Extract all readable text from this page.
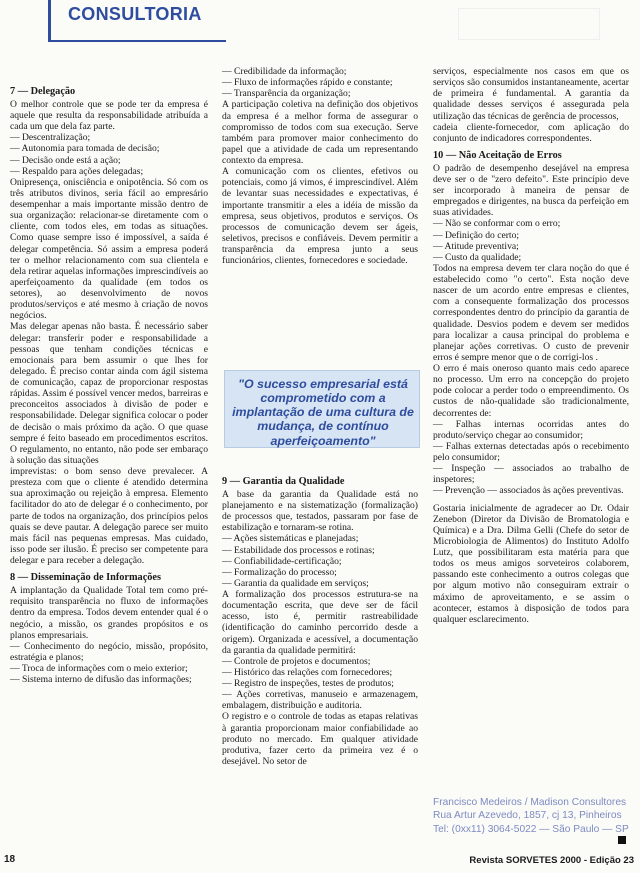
CONSULTORIA
7 — Delegação

O melhor controle que se pode ter da empresa é aquele que resulta da responsabilidade atribuída a cada um que dela faz parte.

— Descentralização;
— Autonomia para tomada de decisão;
— Decisão onde está a ação;
— Respaldo para ações delegadas;

Onipresença, onisciência e onipotência. Só com os três atributos divinos, seria fácil ao empresário desempenhar a mais importante missão dentro de sua organização: relacionar-se diretamente com o cliente, com todos eles, em todas as situações. Como quase sempre isso é impossível, a saída é delegar competência. Só assim a empresa poderá ter o melhor relacionamento com sua clientela e dela retirar aquelas informações imprescindíveis ao aperfeiçoamento da qualidade (em todos os setores), ao desenvolvimento de novos produtos/serviços e até mesmo à criação de novos negócios.

Mas delegar apenas não basta. É necessário saber delegar: transferir poder e responsabilidade a pessoas que tenham condições técnicas e emocionais para bem assumir o que lhes for delegado. É preciso contar ainda com ágil sistema de comunicação, capaz de proporcionar respostas rápidas. Assim é possível vencer medos, barreiras e preconceitos associados à divisão de poder e responsabilidade. Delegar significa colocar o poder de decisão o mais próximo da ação. O que quase sempre é feito baseado em procedimentos escritos. O regulamento, no entanto, não pode ser embaraço à solução das situações

imprevistas: o bom senso deve prevalecer. A presteza com que o cliente é atendido determina sua aproximação ou rejeição à empresa. Elemento facilitador do ato de delegar é o conhecimento, por parte de todos na organização, dos princípios pelos quais se deve pautar. A delegação parece ser muito mais fácil nas pequenas empresas. Mas cuidado, isso pode ser ilusão. É preciso ser competente para delegar e para receber a delegação.

8 — Disseminação de Informações

A implantação da Qualidade Total tem como pré-requisito transparência no fluxo de informações dentro da empresa. Todos devem entender qual é o negócio, a missão, os grandes propósitos e os planos empresariais.

— Conhecimento do negócio, missão, propósito, estratégia e planos;
— Troca de informações com o meio exterior;
— Sistema interno de difusão das informações;
— Credibilidade da informação;
— Fluxo de informações rápido e constante;
— Transparência da organização;

A participação coletiva na definição dos objetivos da empresa é a melhor forma de assegurar o compromisso de todos com sua execução. Serve também para promover maior conhecimento do papel que a atividade de cada um representando contexto da empresa.

A comunicação com os clientes, efetivos ou potenciais, como já vimos, é imprescindível. Além de levantar suas necessidades e expectativas, é importante transmitir a eles a idéia de missão da empresa, seus objetivos, produtos e serviços. Os processos de comunicação devem ser ágeis, seletivos, precisos e confiáveis. Devem permitir a transparência da empresa junto a seus funcionários, clientes, fornecedores e sociedade.

"O sucesso empresarial está comprometido com a implantação de uma cultura de mudança, de contínuo aperfeiçoamento"
9 — Garantia da Qualidade

A base da garantia da Qualidade está no planejamento e na sistematização (formalização) de processos que, testados, passaram por fase de estabilização e tornaram-se rotina.

— Ações sistemáticas e planejadas;
— Estabilidade dos processos e rotinas;
— Confiabilidade-certificação;
— Formalização do processo;
— Garantia da qualidade em serviços;

A formalização dos processos estrutura-se na documentação escrita, que deve ser de fácil acesso, isto é, permitir rastreabilidade (identificação do caminho percorrido desde a origem). Organizada e acessível, a documentação da garantia da qualidade permitirá:

— Controle de projetos e documentos;
— Histórico das relações com fornecedores;
— Registro de inspeções, testes de produtos;
— Ações corretivas, manuseio e armazenagem, embalagem, distribuição e auditoria.

O registro e o controle de todas as etapas relativas à garantia proporcionam maior confiabilidade ao produto no mercado. Em qualquer atividade produtiva, fazer certo da primeira vez é o desejável. No setor de

serviços, especialmente nos casos em que os serviços são consumidos instantaneamente, acertar de primeira é fundamental. A garantia da qualidade desses serviços é assegurada pela utilização das técnicas de gerência de processos,

cadeia cliente-fornecedor, com aplicação do conjunto de indicadores correspondentes.

10 — Não Aceitação de Erros

O padrão de desempenho desejável na empresa deve ser o de "zero defeito". Este princípio deve ser incorporado à maneira de pensar de empregados e dirigentes, na busca da perfeição em suas atividades.

— Não se conformar com o erro;
— Definição do certo;
— Atitude preventiva;
— Custo da qualidade;

Todos na empresa devem ter clara noção do que é estabelecido como "o certo". Esta noção deve nascer de um acordo entre empresas e clientes, com a consequente formalização dos processos correspondentes dentro do princípio da garantia de qualidade. Desvios podem e devem ser medidos para localizar a causa principal do problema e planejar ações corretivas. O custo de prevenir erros é sempre menor que o de corrigi-los .

O erro é mais oneroso quanto mais cedo aparece no processo. Um erro na concepção do projeto pode colocar a perder todo o empreendimento. Os custos de não-qualidade são tradicionalmente, decorrentes de:

— Falhas internas ocorridas antes do produto/serviço chegar ao consumidor;
— Falhas externas detectadas após o recebimento pelo consumidor;
— Inspeção — associados ao trabalho de inspetores;
— Prevenção — associados às ações preventivas.

Gostaria inicialmente de agradecer ao Dr. Odair Zenebon (Diretor da Divisão de Bromatologia e Química) e a Dra. Dilma Gelli (Chefe do setor de Microbiologia de Alimentos) do Instituto Adolfo Lutz, que possibilitaram esta matéria para que todos os meus amigos sorveteiros colaborem, passando este conhecimento a outros colegas que por algum motivo não conseguiram extrair o máximo de aproveitamento, e se assim o acontecer, estamos à disposição de todos para qualquer esclarecimento.

Francisco Medeiros / Madison Consultores
Rua Artur Azevedo, 1857, cj 13, Pinheiros
Tel: (0xx11) 3064-5022 — São Paulo — SP
18	Revista SORVETES 2000 - Edição 23
